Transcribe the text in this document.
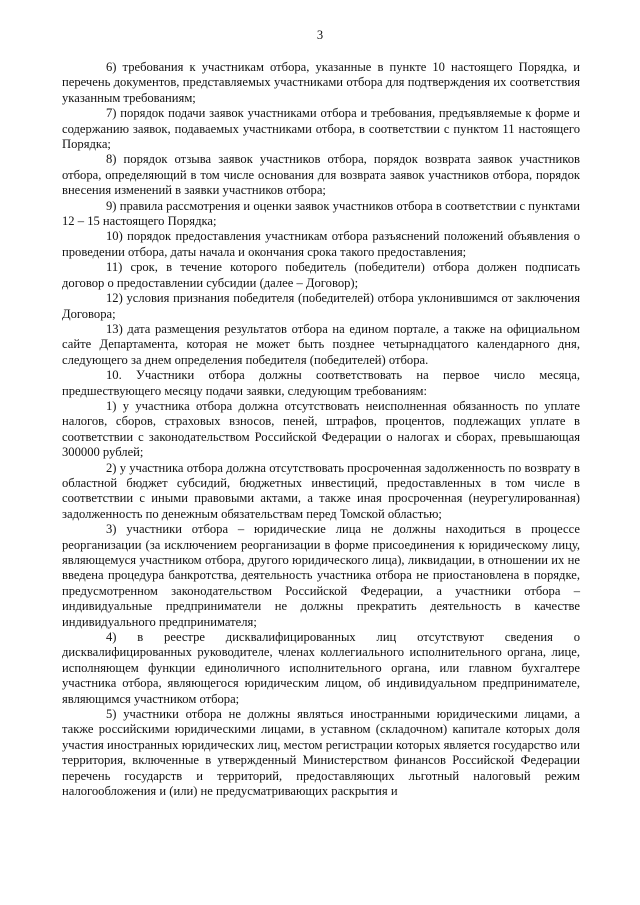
3

6) требования к участникам отбора, указанные в пункте 10 настоящего Порядка, и перечень документов, представляемых участниками отбора для подтверждения их соответствия указанным требованиям;

7) порядок подачи заявок участниками отбора и требования, предъявляемые к форме и содержанию заявок, подаваемых участниками отбора, в соответствии с пунктом 11 настоящего Порядка;

8) порядок отзыва заявок участников отбора, порядок возврата заявок участников отбора, определяющий в том числе основания для возврата заявок участников отбора, порядок внесения изменений в заявки участников отбора;

9) правила рассмотрения и оценки заявок участников отбора в соответствии с пунктами 12 – 15 настоящего Порядка;

10) порядок предоставления участникам отбора разъяснений положений объявления о проведении отбора, даты начала и окончания срока такого предоставления;

11) срок, в течение которого победитель (победители) отбора должен подписать договор о предоставлении субсидии (далее – Договор);

12) условия признания победителя (победителей) отбора уклонившимся от заключения Договора;

13) дата размещения результатов отбора на едином портале, а также на официальном сайте Департамента, которая не может быть позднее четырнадцатого календарного дня, следующего за днем определения победителя (победителей) отбора.

10. Участники отбора должны соответствовать на первое число месяца, предшествующего месяцу подачи заявки, следующим требованиям:

1) у участника отбора должна отсутствовать неисполненная обязанность по уплате налогов, сборов, страховых взносов, пеней, штрафов, процентов, подлежащих уплате в соответствии с законодательством Российской Федерации о налогах и сборах, превышающая 300000 рублей;

2) у участника отбора должна отсутствовать просроченная задолженность по возврату в областной бюджет субсидий, бюджетных инвестиций, предоставленных в том числе в соответствии с иными правовыми актами, а также иная просроченная (неурегулированная) задолженность по денежным обязательствам перед Томской областью;

3) участники отбора – юридические лица не должны находиться в процессе реорганизации (за исключением реорганизации в форме присоединения к юридическому лицу, являющемуся участником отбора, другого юридического лица), ликвидации, в отношении их не введена процедура банкротства, деятельность участника отбора не приостановлена в порядке, предусмотренном законодательством Российской Федерации, а участники отбора – индивидуальные предприниматели не должны прекратить деятельность в качестве индивидуального предпринимателя;

4) в реестре дисквалифицированных лиц отсутствуют сведения о дисквалифицированных руководителе, членах коллегиального исполнительного органа, лице, исполняющем функции единоличного исполнительного органа, или главном бухгалтере участника отбора, являющегося юридическим лицом, об индивидуальном предпринимателе, являющимся участником отбора;

5) участники отбора не должны являться иностранными юридическими лицами, а также российскими юридическими лицами, в уставном (складочном) капитале которых доля участия иностранных юридических лиц, местом регистрации которых является государство или территория, включенные в утвержденный Министерством финансов Российской Федерации перечень государств и территорий, предоставляющих льготный налоговый режим налогообложения и (или) не предусматривающих раскрытия и
